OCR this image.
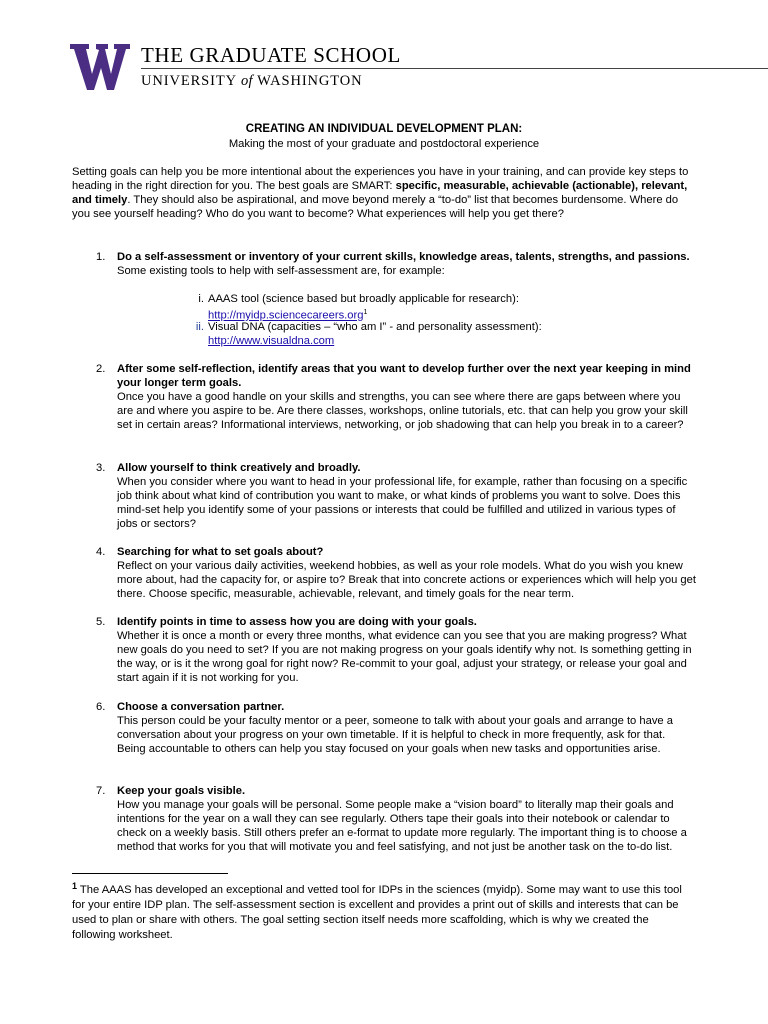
THE GRADUATE SCHOOL
UNIVERSITY of WASHINGTON
CREATING AN INDIVIDUAL DEVELOPMENT PLAN:
Making the most of your graduate and postdoctoral experience
Setting goals can help you be more intentional about the experiences you have in your training, and can provide key steps to heading in the right direction for you. The best goals are SMART: specific, measurable, achievable (actionable), relevant, and timely. They should also be aspirational, and move beyond merely a “to-do” list that becomes burdensome. Where do you see yourself heading? Who do you want to become? What experiences will help you get there?
1.	Do a self-assessment or inventory of your current skills, knowledge areas, talents, strengths, and passions.
Some existing tools to help with self-assessment are, for example:
i. AAAS tool (science based but broadly applicable for research):
http://myidp.sciencecareers.org$^1$
ii. Visual DNA (capacities – “who am I” - and personality assessment):
http://www.visualdna.com
2.	After some self-reflection, identify areas that you want to develop further over the next year keeping in mind your longer term goals.
Once you have a good handle on your skills and strengths, you can see where there are gaps between where you are and where you aspire to be. Are there classes, workshops, online tutorials, etc. that can help you grow your skill set in certain areas? Informational interviews, networking, or job shadowing that can help you break in to a career?
3.	Allow yourself to think creatively and broadly.
When you consider where you want to head in your professional life, for example, rather than focusing on a specific job think about what kind of contribution you want to make, or what kinds of problems you want to solve. Does this mind-set help you identify some of your passions or interests that could be fulfilled and utilized in various types of jobs or sectors?
4.	Searching for what to set goals about?
Reflect on your various daily activities, weekend hobbies, as well as your role models. What do you wish you knew more about, had the capacity for, or aspire to? Break that into concrete actions or experiences which will help you get there. Choose specific, measurable, achievable, relevant, and timely goals for the near term.
5.	Identify points in time to assess how you are doing with your goals.
Whether it is once a month or every three months, what evidence can you see that you are making progress? What new goals do you need to set? If you are not making progress on your goals identify why not. Is something getting in the way, or is it the wrong goal for right now? Re-commit to your goal, adjust your strategy, or release your goal and start again if it is not working for you.
6.	Choose a conversation partner.
This person could be your faculty mentor or a peer, someone to talk with about your goals and arrange to have a conversation about your progress on your own timetable. If it is helpful to check in more frequently, ask for that. Being accountable to others can help you stay focused on your goals when new tasks and opportunities arise.
7.	Keep your goals visible.
How you manage your goals will be personal. Some people make a “vision board” to literally map their goals and intentions for the year on a wall they can see regularly. Others tape their goals into their notebook or calendar to check on a weekly basis. Still others prefer an e-format to update more regularly. The important thing is to choose a method that works for you that will motivate you and feel satisfying, and not just be another task on the to-do list.
$^1$ The AAAS has developed an exceptional and vetted tool for IDPs in the sciences (myidp). Some may want to use this tool for your entire IDP plan. The self-assessment section is excellent and provides a print out of skills and interests that can be used to plan or share with others. The goal setting section itself needs more scaffolding, which is why we created the following worksheet.
